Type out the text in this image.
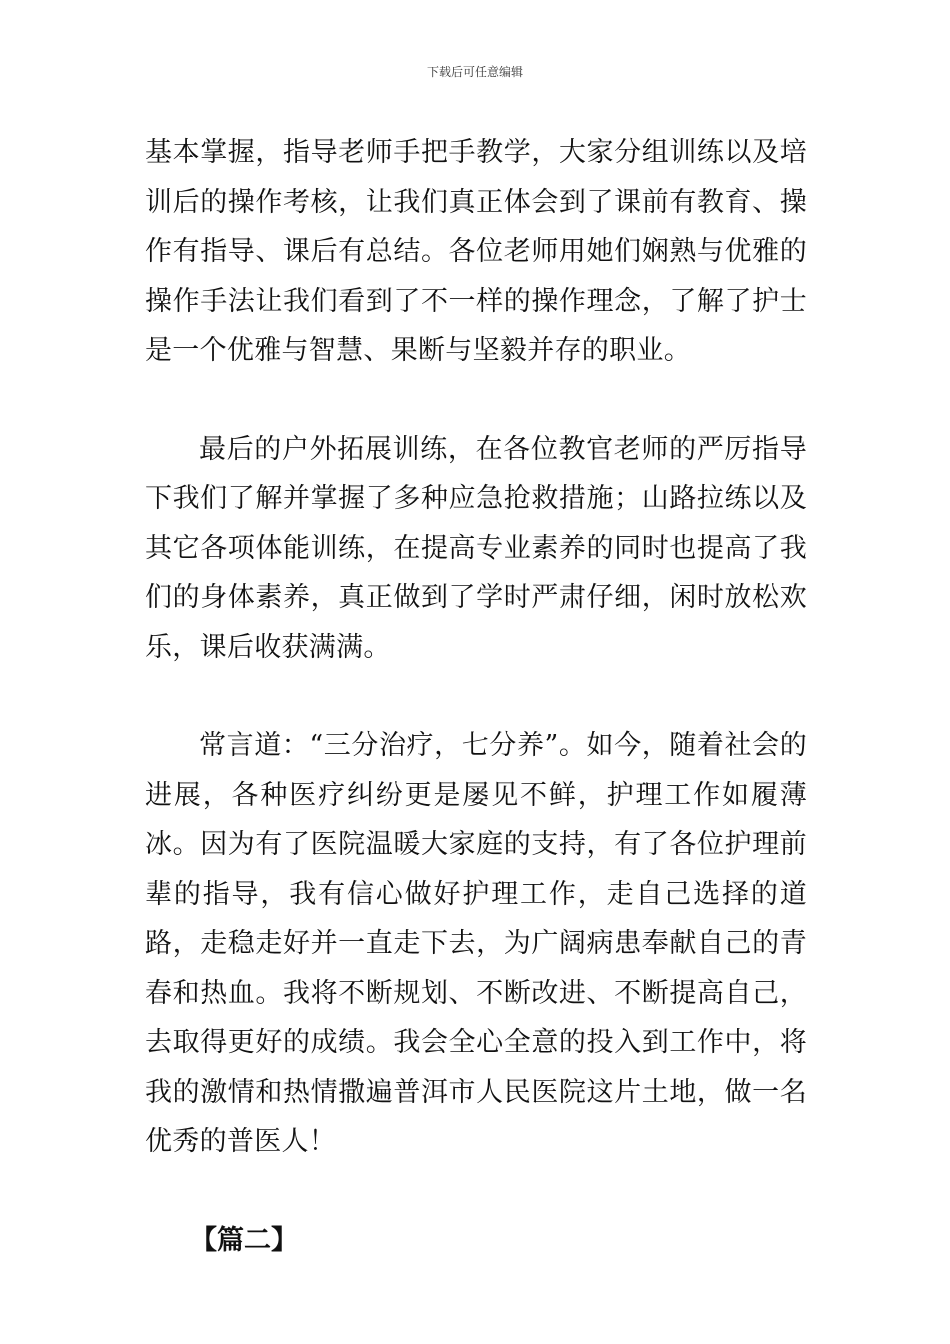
下载后可任意编辑

基本掌握，指导老师手把手教学，大家分组训练以及培训后的操作考核，让我们真正体会到了课前有教育、操作有指导、课后有总结。各位老师用她们娴熟与优雅的操作手法让我们看到了不一样的操作理念，了解了护士是一个优雅与智慧、果断与坚毅并存的职业。

最后的户外拓展训练，在各位教官老师的严厉指导下我们了解并掌握了多种应急抢救措施；山路拉练以及其它各项体能训练，在提高专业素养的同时也提高了我们的身体素养，真正做到了学时严肃仔细，闲时放松欢乐，课后收获满满。

常言道：“三分治疗，七分养”。如今，随着社会的进展，各种医疗纠纷更是屡见不鲜，护理工作如履薄冰。因为有了医院温暖大家庭的支持，有了各位护理前辈的指导，我有信心做好护理工作，走自己选择的道路，走稳走好并一直走下去，为广阔病患奉献自己的青春和热血。我将不断规划、不断改进、不断提高自己，去取得更好的成绩。我会全心全意的投入到工作中，将我的激情和热情撒遍普洱市人民医院这片土地，做一名优秀的普医人！

【篇二】
